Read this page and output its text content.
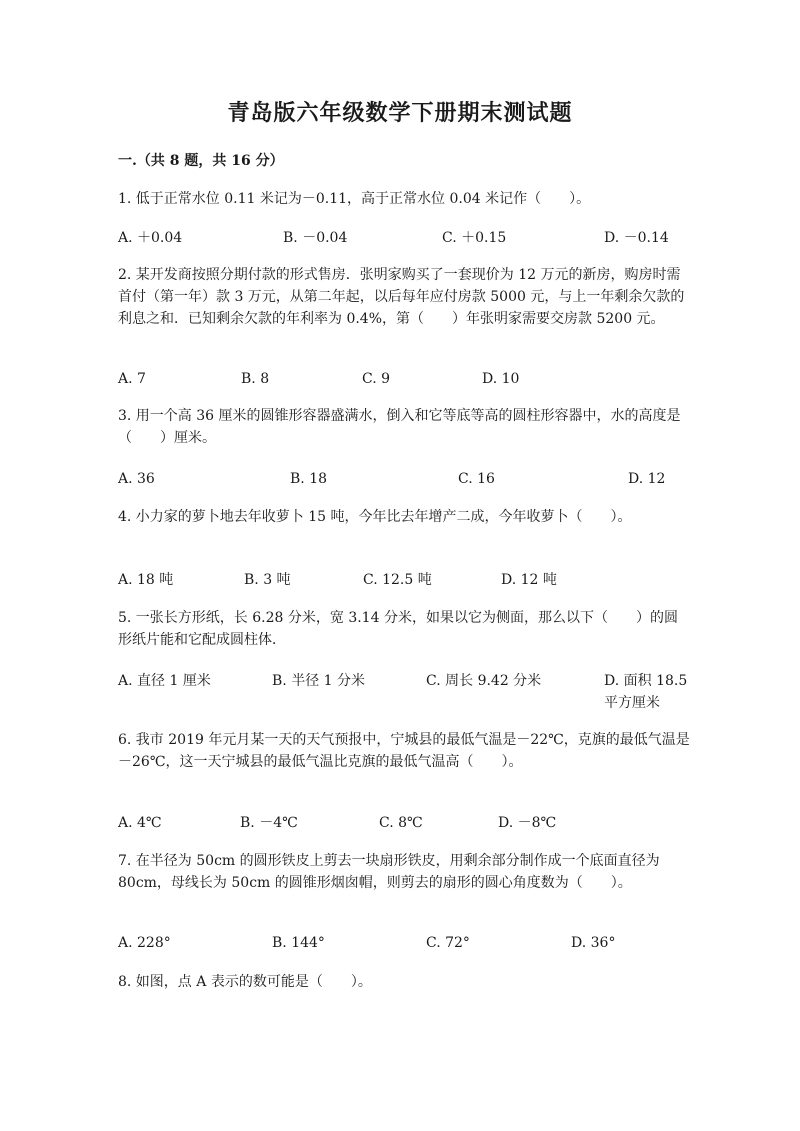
青岛版六年级数学下册期末测试题
一.（共 8 题，共 16 分）
1. 低于正常水位 0.11 米记为－0.11，高于正常水位 0.04 米记作（　　）。
A. ＋0.04	B. －0.04	C. ＋0.15	D. －0.14
2. 某开发商按照分期付款的形式售房．张明家购买了一套现价为 12 万元的新房，购房时需首付（第一年）款 3 万元，从第二年起，以后每年应付房款 5000 元，与上一年剩余欠款的利息之和．已知剩余欠款的年利率为 0.4%，第（　　）年张明家需要交房款 5200 元。
A. 7	B. 8	C. 9	D. 10
3. 用一个高 36 厘米的圆锥形容器盛满水，倒入和它等底等高的圆柱形容器中，水的高度是（　　）厘米。
A. 36	B. 18	C. 16	D. 12
4. 小力家的萝卜地去年收萝卜 15 吨，今年比去年增产二成，今年收萝卜（　　）。
A. 18 吨	B. 3 吨	C. 12.5 吨	D. 12 吨
5. 一张长方形纸，长 6.28 分米，宽 3.14 分米，如果以它为侧面，那么以下（　　）的圆形纸片能和它配成圆柱体．
A. 直径 1 厘米	B. 半径 1 分米	C. 周长 9.42 分米	D. 面积 18.5 平方厘米
6. 我市 2019 年元月某一天的天气预报中，宁城县的最低气温是－22℃，克旗的最低气温是－26℃，这一天宁城县的最低气温比克旗的最低气温高（　　）。
A. 4℃	B. －4℃	C. 8℃	D. －8℃
7. 在半径为 50cm 的圆形铁皮上剪去一块扇形铁皮，用剩余部分制作成一个底面直径为 80cm，母线长为 50cm 的圆锥形烟囱帽，则剪去的扇形的圆心角度数为（　　）。
A. 228°	B. 144°	C. 72°	D. 36°
8. 如图，点 A 表示的数可能是（　　）。
